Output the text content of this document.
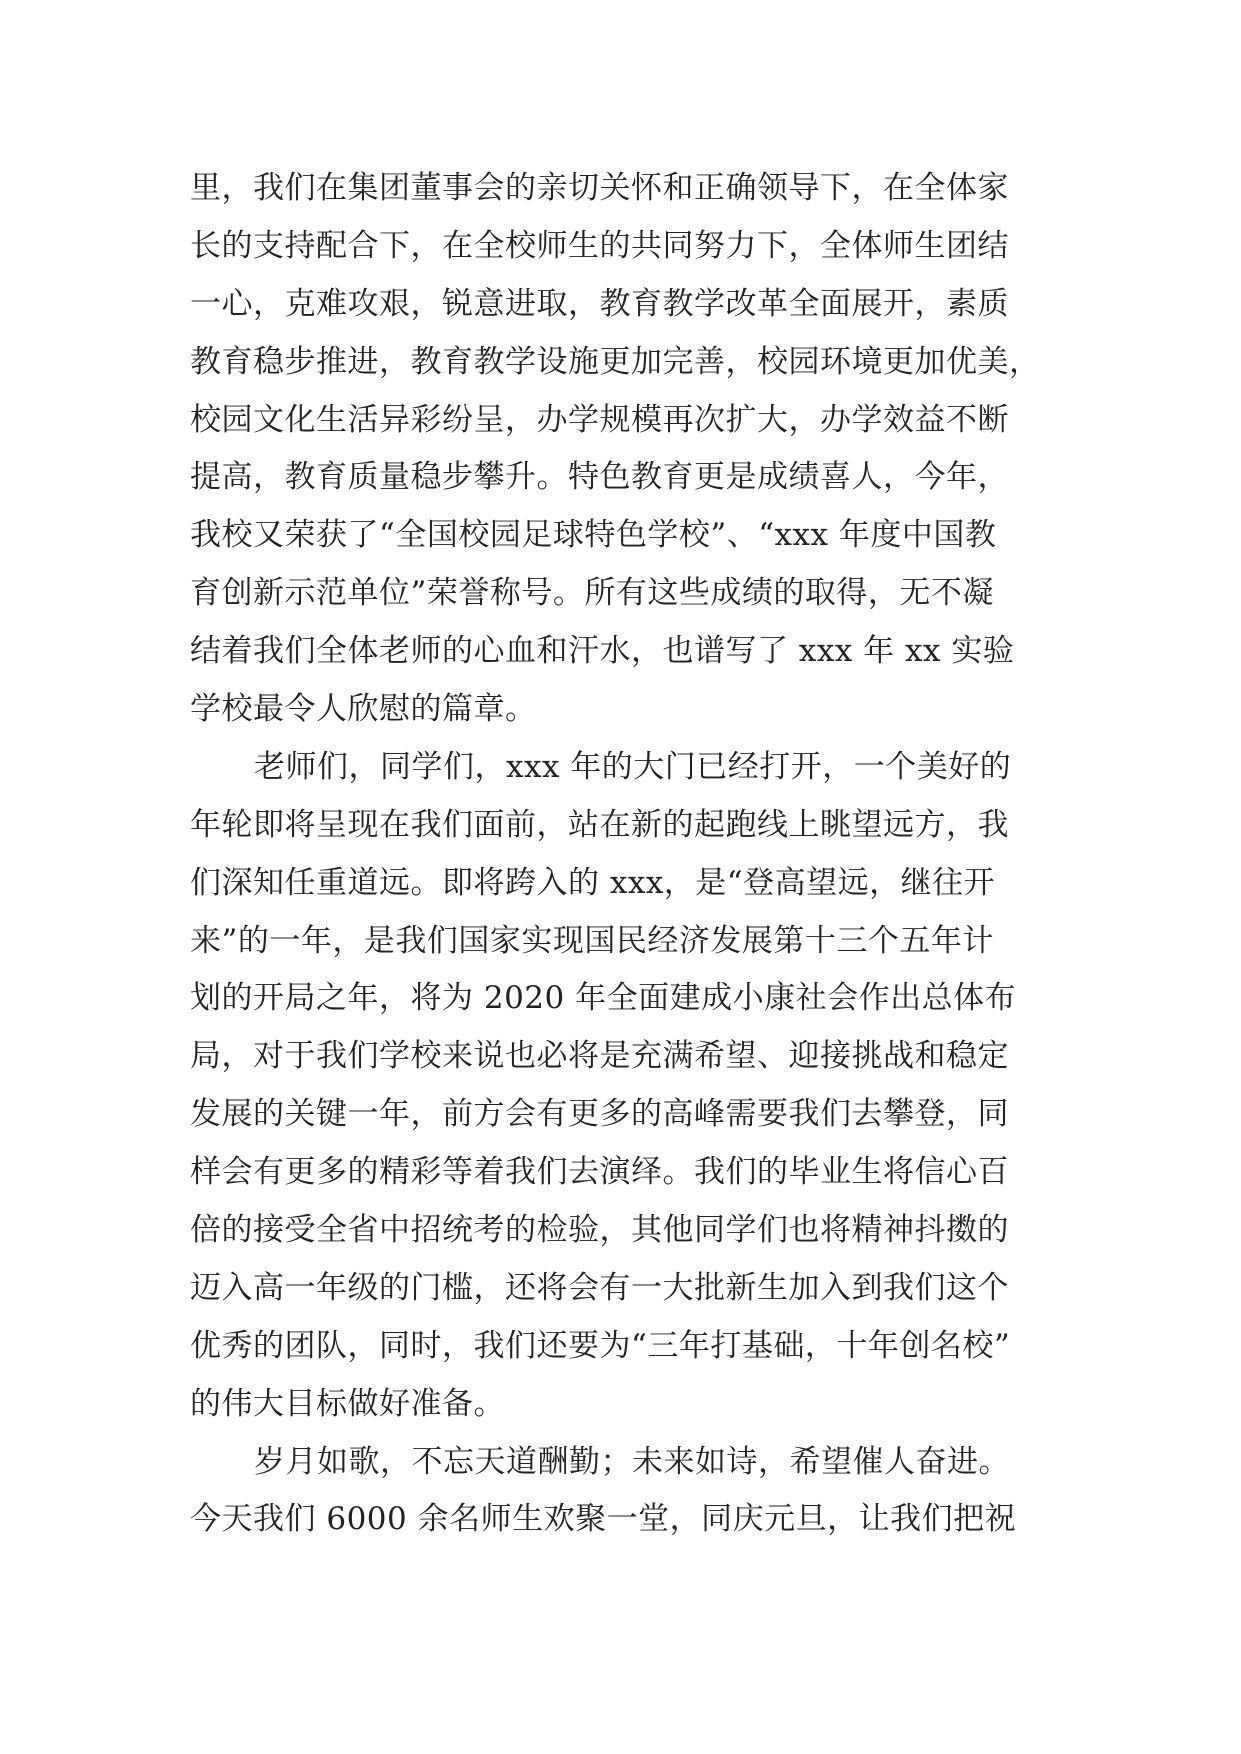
里，我们在集团董事会的亲切关怀和正确领导下，在全体家
长的支持配合下，在全校师生的共同努力下，全体师生团结
一心，克难攻艰，锐意进取，教育教学改革全面展开，素质
教育稳步推进，教育教学设施更加完善，校园环境更加优美，
校园文化生活异彩纷呈，办学规模再次扩大，办学效益不断
提高，教育质量稳步攀升。特色教育更是成绩喜人，今年，
我校又荣获了“全国校园足球特色学校”、“xxx 年度中国教
育创新示范单位”荣誉称号。所有这些成绩的取得，无不凝
结着我们全体老师的心血和汗水，也谱写了 xxx 年 xx 实验
学校最令人欣慰的篇章。
老师们，同学们，xxx 年的大门已经打开，一个美好的
年轮即将呈现在我们面前，站在新的起跑线上眺望远方，我
们深知任重道远。即将跨入的 xxx，是“登高望远，继往开
来”的一年，是我们国家实现国民经济发展第十三个五年计
划的开局之年，将为 2020 年全面建成小康社会作出总体布
局，对于我们学校来说也必将是充满希望、迎接挑战和稳定
发展的关键一年，前方会有更多的高峰需要我们去攀登，同
样会有更多的精彩等着我们去演绎。我们的毕业生将信心百
倍的接受全省中招统考的检验，其他同学们也将精神抖擞的
迈入高一年级的门槛，还将会有一大批新生加入到我们这个
优秀的团队，同时，我们还要为“三年打基础，十年创名校”
的伟大目标做好准备。
岁月如歌，不忘天道酬勤；未来如诗，希望催人奋进。
今天我们 6000 余名师生欢聚一堂，同庆元旦，让我们把祝
